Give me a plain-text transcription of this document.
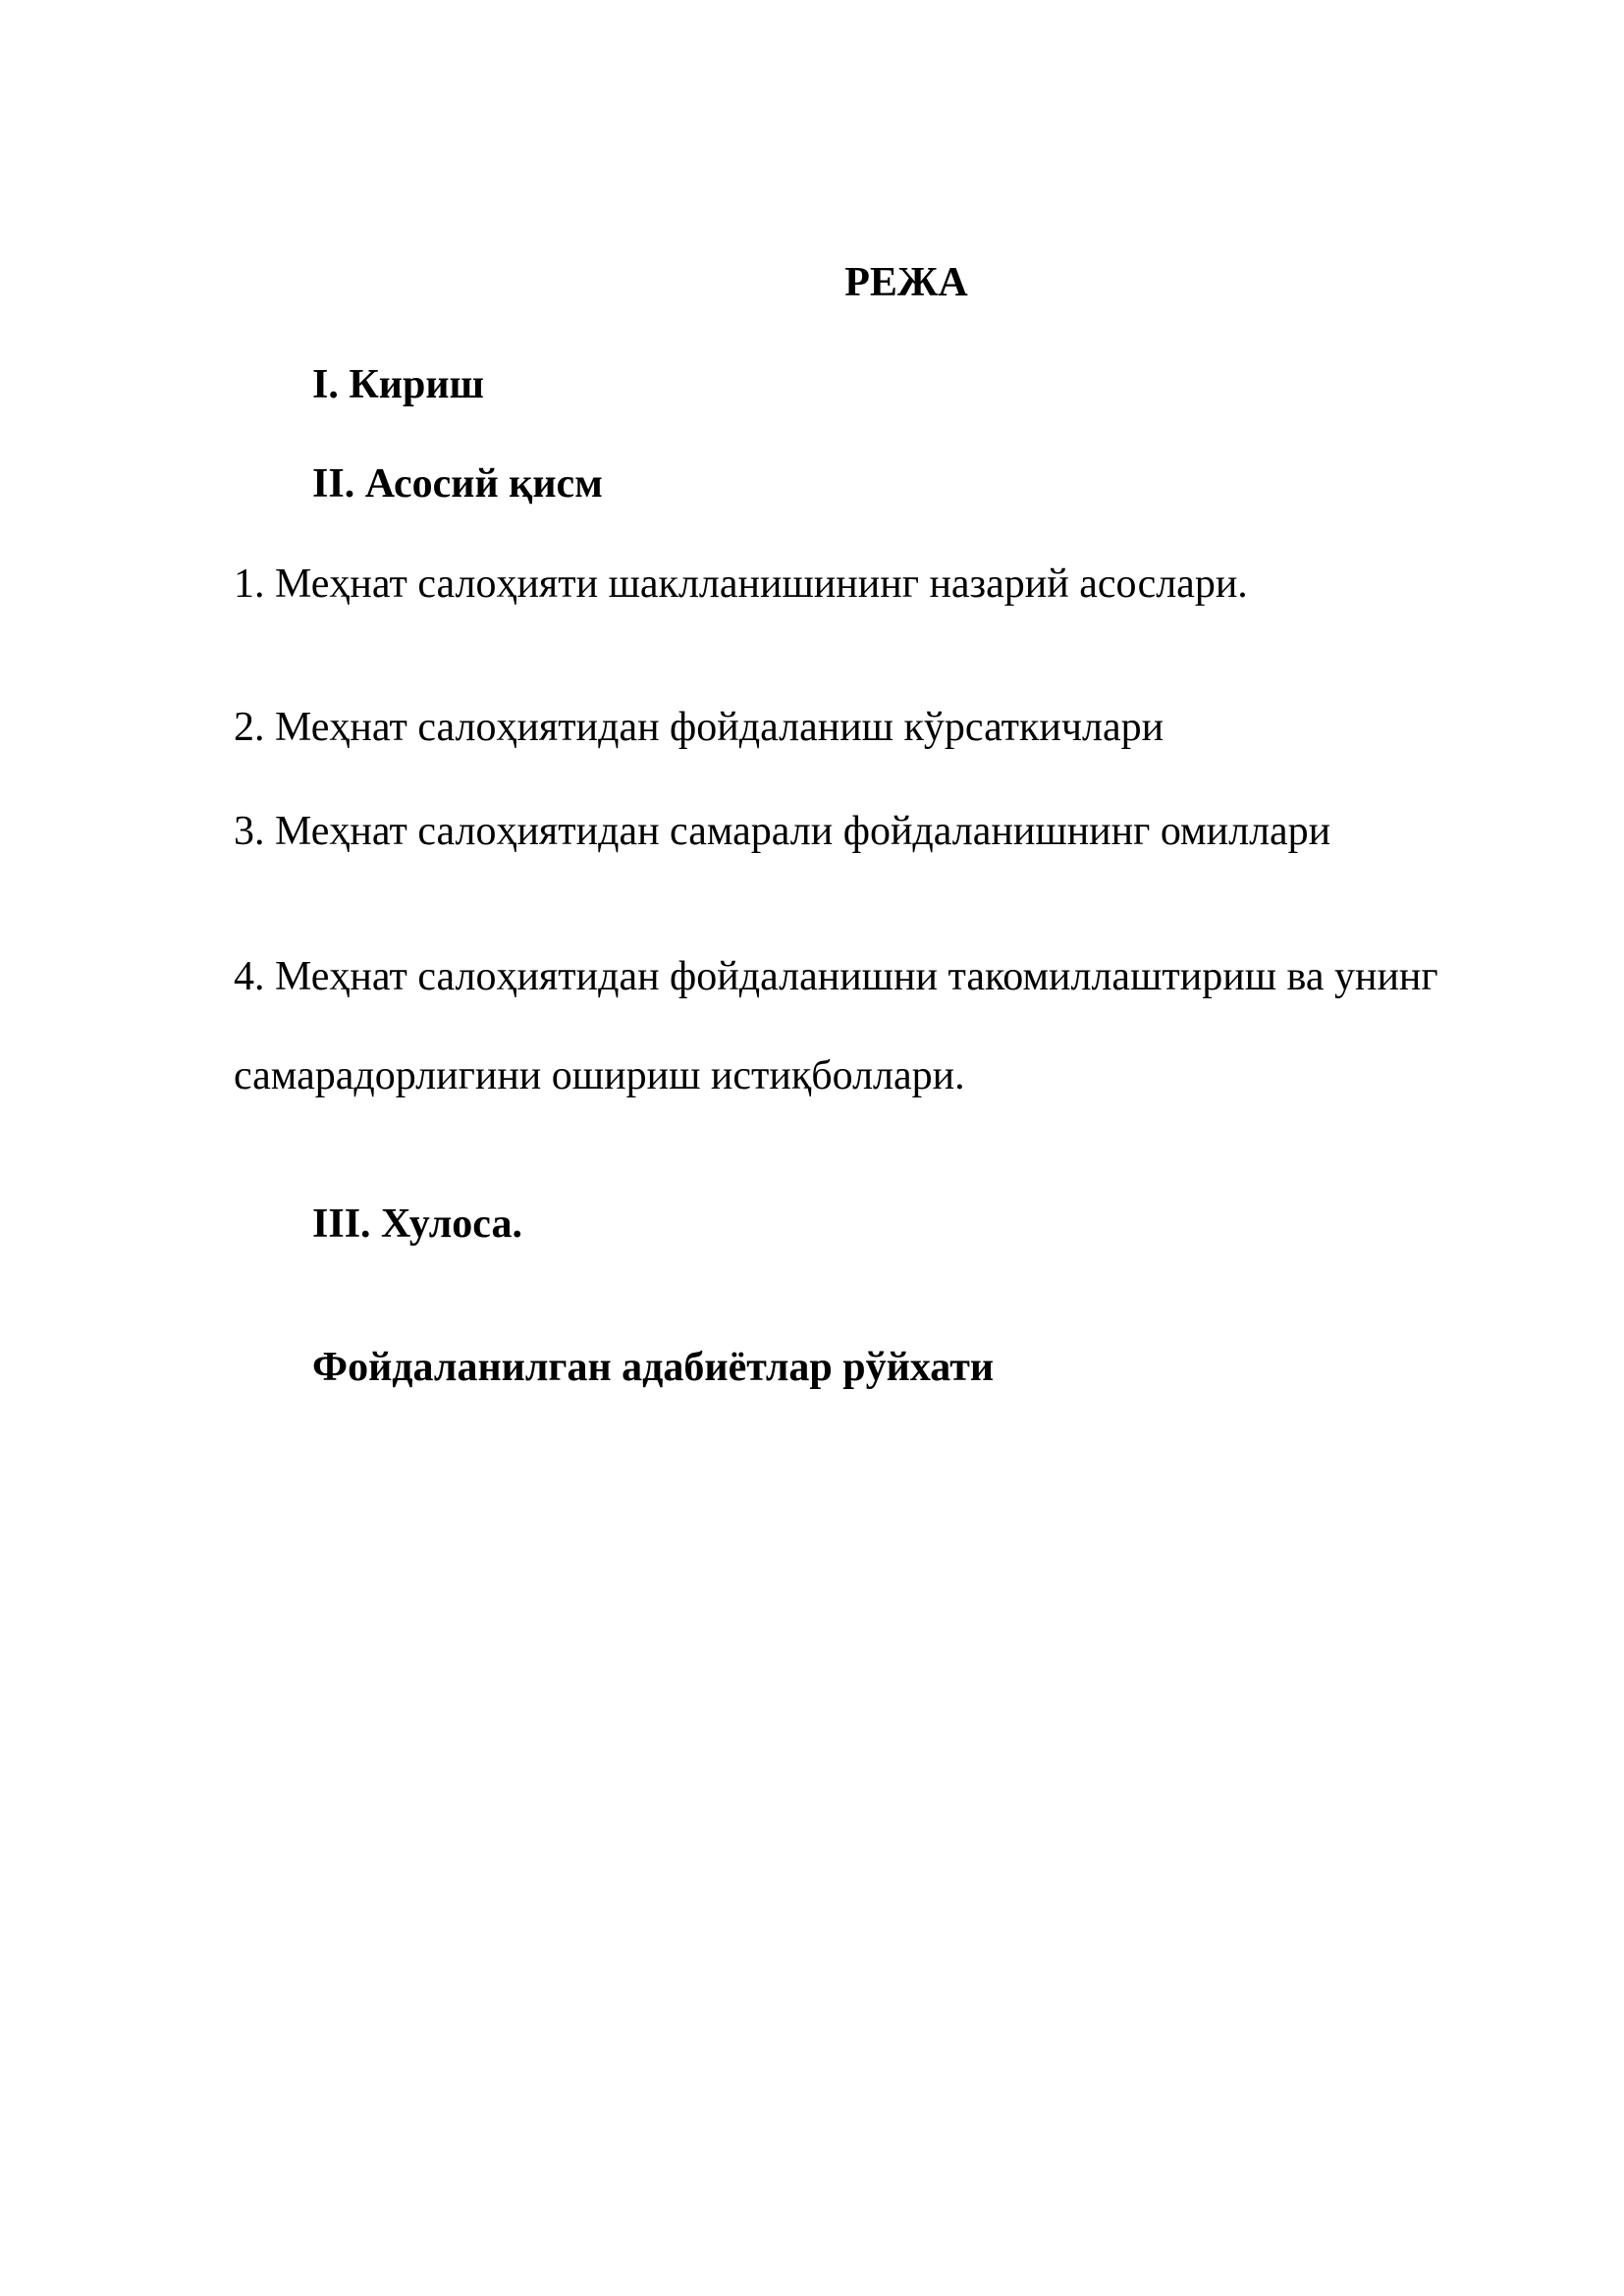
РЕЖА
I. Кириш
II. Асосий қисм
1. Меҳнат салоҳияти шаклланишининг назарий асослари.
2. Меҳнат салоҳиятидан фойдаланиш кўрсаткичлари
3. Меҳнат салоҳиятидан самарали фойдаланишнинг омиллари
4. Меҳнат салоҳиятидан фойдаланишни такомиллаштириш ва унинг
самарадорлигини ошириш истиқболлари.
III. Хулоса.
Фойдаланилган адабиётлар рўйхати
